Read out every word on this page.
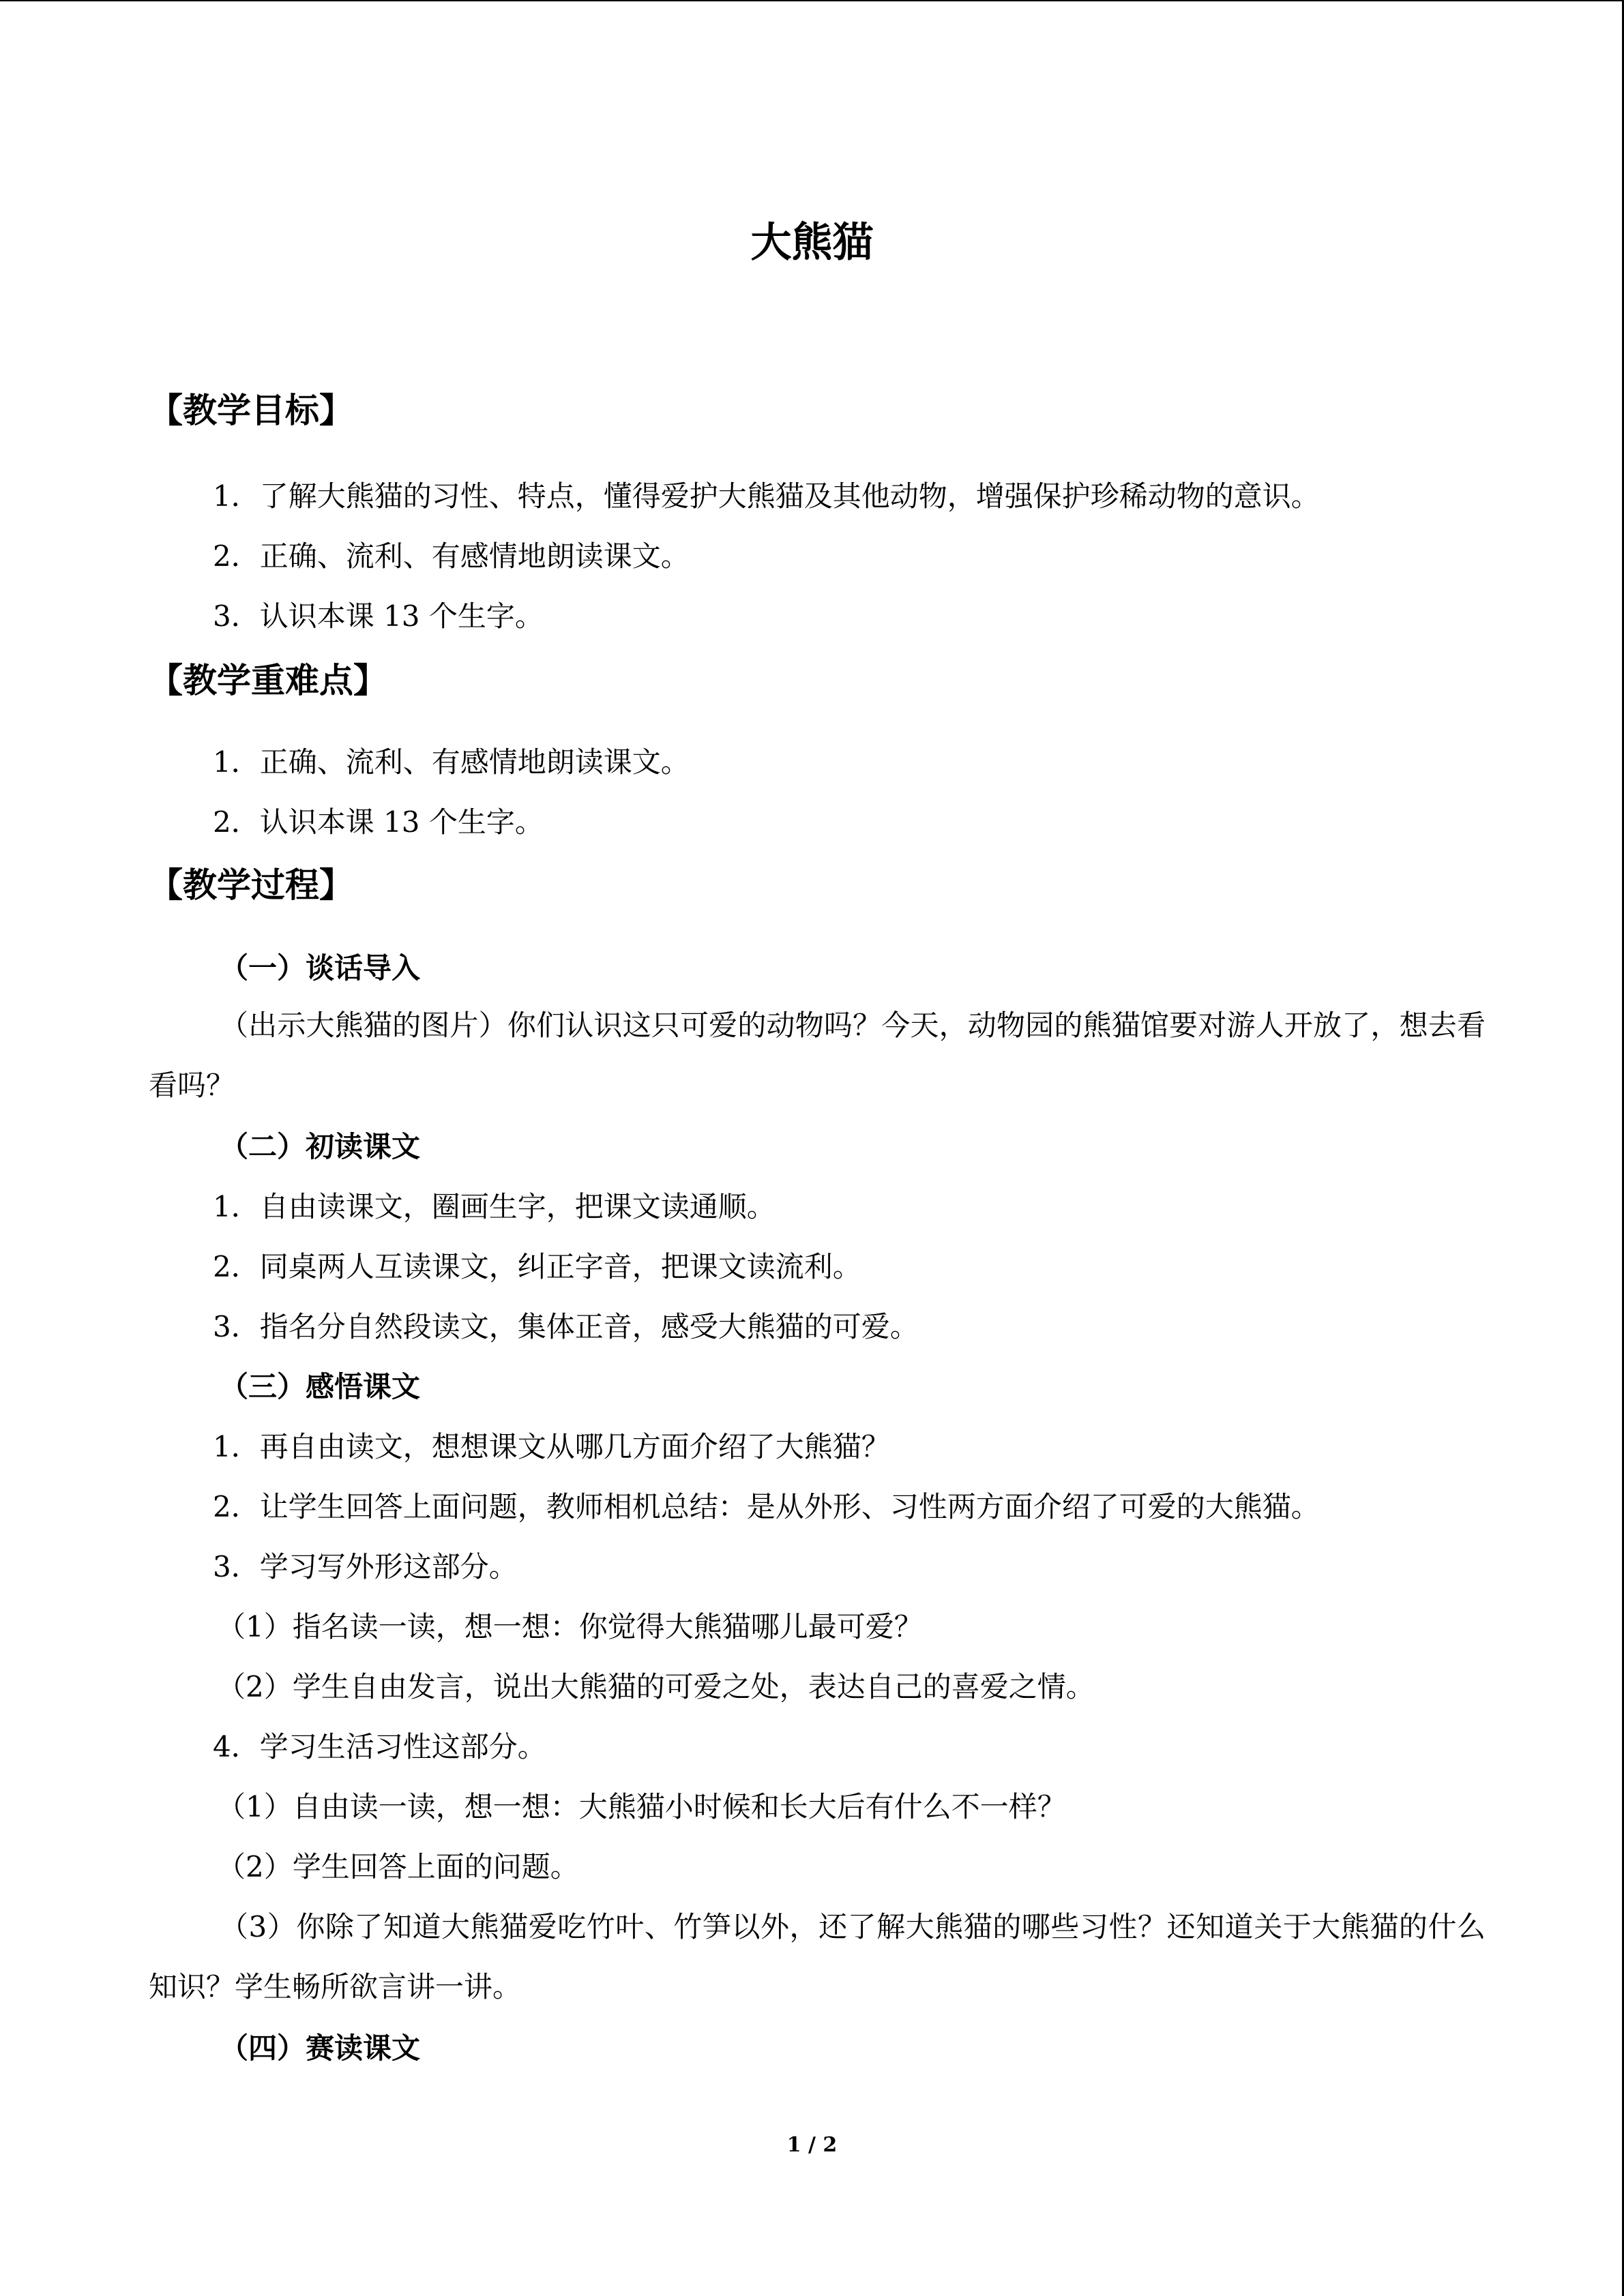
大熊猫
【教学目标】
1．了解大熊猫的习性、特点，懂得爱护大熊猫及其他动物，增强保护珍稀动物的意识。
2．正确、流利、有感情地朗读课文。
3．认识本课 13 个生字。
【教学重难点】
1．正确、流利、有感情地朗读课文。
2．认识本课 13 个生字。
【教学过程】
（一）谈话导入
（出示大熊猫的图片）你们认识这只可爱的动物吗？今天，动物园的熊猫馆要对游人开放了，想去看看吗？
（二）初读课文
1．自由读课文，圈画生字，把课文读通顺。
2．同桌两人互读课文，纠正字音，把课文读流利。
3．指名分自然段读文，集体正音，感受大熊猫的可爱。
（三）感悟课文
1．再自由读文，想想课文从哪几方面介绍了大熊猫？
2．让学生回答上面问题，教师相机总结：是从外形、习性两方面介绍了可爱的大熊猫。
3．学习写外形这部分。
（1）指名读一读，想一想：你觉得大熊猫哪儿最可爱？
（2）学生自由发言，说出大熊猫的可爱之处，表达自己的喜爱之情。
4．学习生活习性这部分。
（1）自由读一读，想一想：大熊猫小时候和长大后有什么不一样？
（2）学生回答上面的问题。
（3）你除了知道大熊猫爱吃竹叶、竹笋以外，还了解大熊猫的哪些习性？还知道关于大熊猫的什么知识？学生畅所欲言讲一讲。
（四）赛读课文
1 / 2
